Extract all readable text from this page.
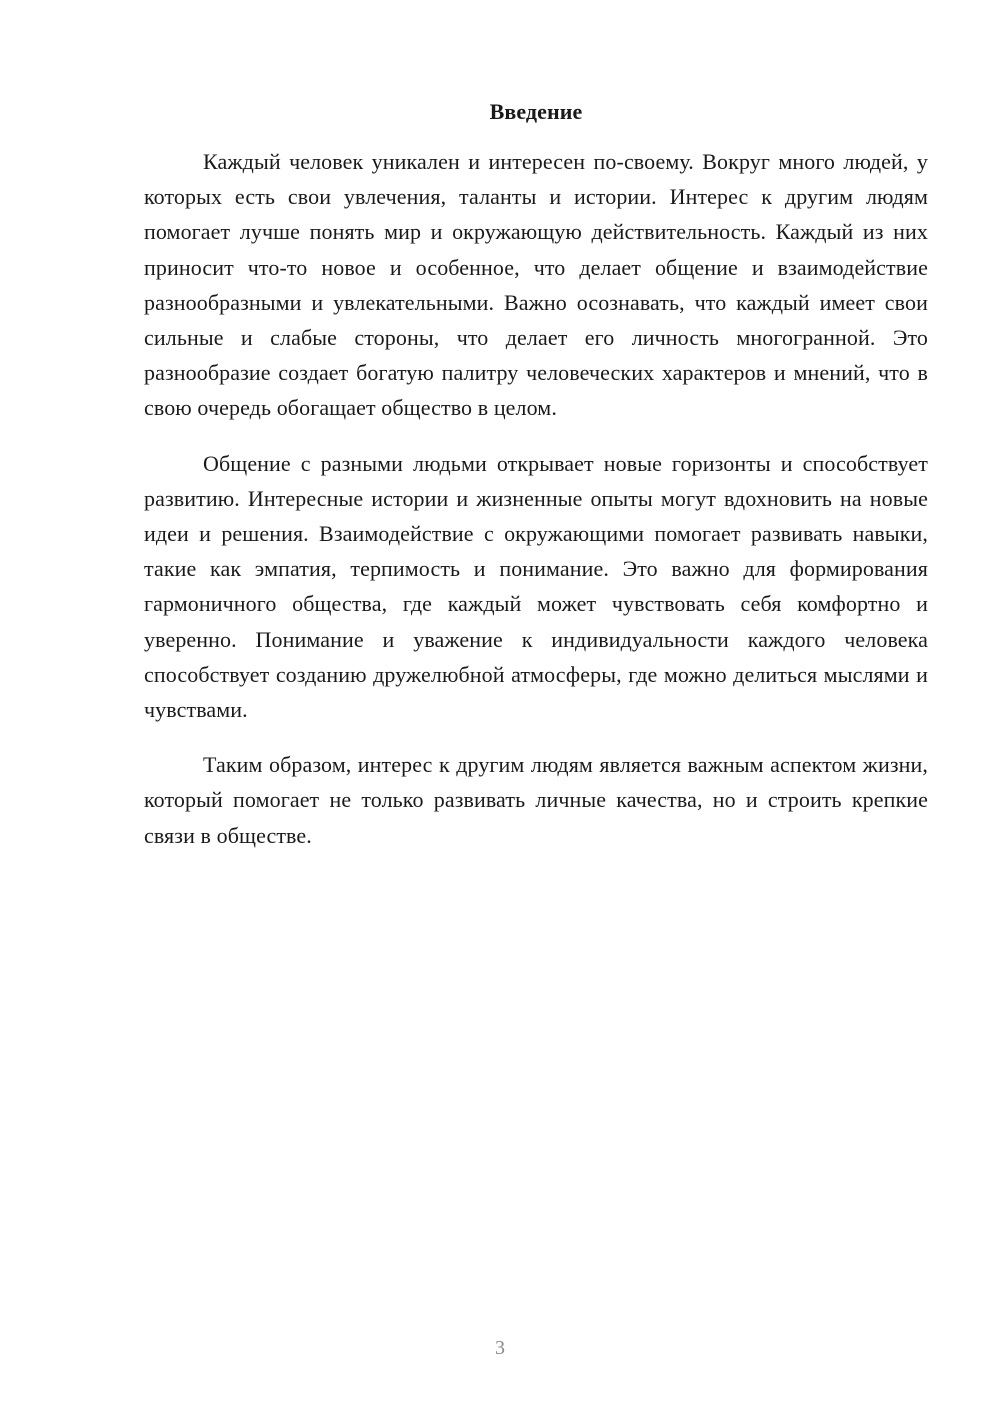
Введение

Каждый человек уникален и интересен по-своему. Вокруг много людей, у которых есть свои увлечения, таланты и истории. Интерес к другим людям помогает лучше понять мир и окружающую действительность. Каждый из них приносит что-то новое и особенное, что делает общение и взаимодействие разнообразными и увлекательными. Важно осознавать, что каждый имеет свои сильные и слабые стороны, что делает его личность многогранной. Это разнообразие создает богатую палитру человеческих характеров и мнений, что в свою очередь обогащает общество в целом.

Общение с разными людьми открывает новые горизонты и способствует развитию. Интересные истории и жизненные опыты могут вдохновить на новые идеи и решения. Взаимодействие с окружающими помогает развивать навыки, такие как эмпатия, терпимость и понимание. Это важно для формирования гармоничного общества, где каждый может чувствовать себя комфортно и уверенно. Понимание и уважение к индивидуальности каждого человека способствует созданию дружелюбной атмосферы, где можно делиться мыслями и чувствами.

Таким образом, интерес к другим людям является важным аспектом жизни, который помогает не только развивать личные качества, но и строить крепкие связи в обществе.

3
